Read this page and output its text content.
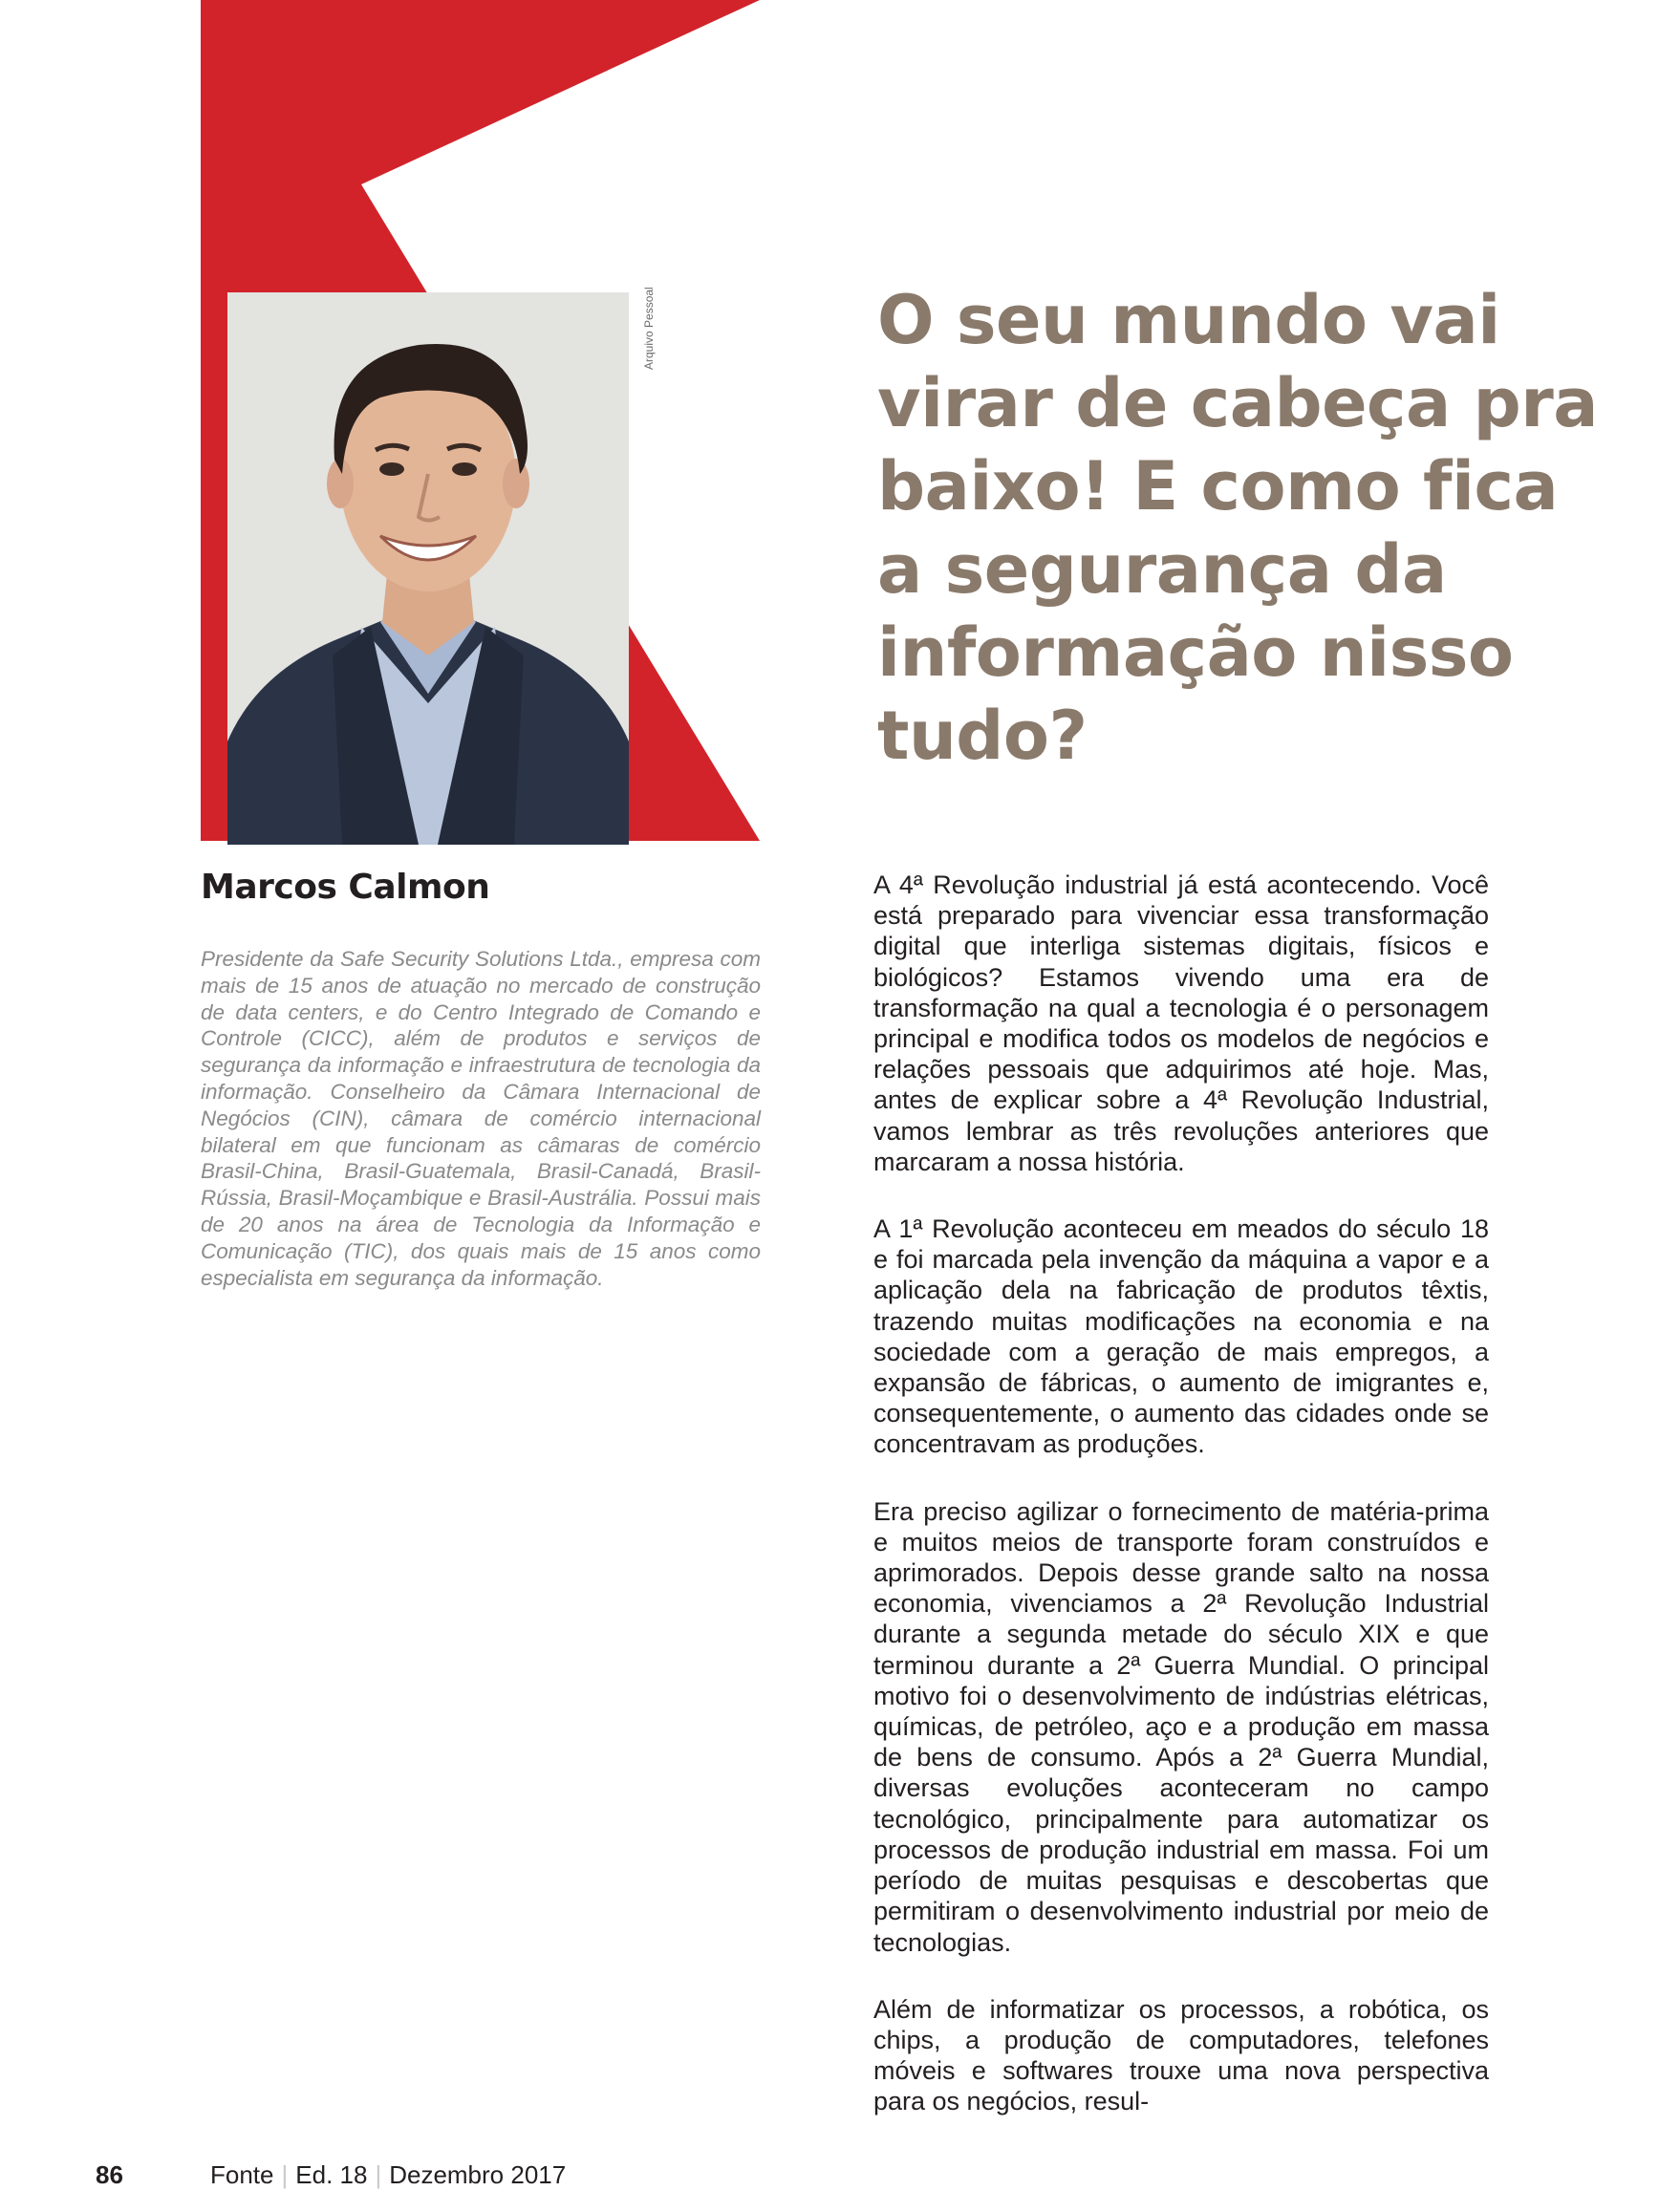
Arquivo Pessoal	O seu mundo vai virar de cabeça pra baixo! E como fica a segurança da informação nisso tudo?
Marcos Calmon

Presidente da Safe Security Solutions Ltda., empresa com mais de 15 anos de atuação no mercado de construção de data centers, e do Centro Integrado de Comando e Controle (CICC), além de produtos e serviços de segurança da informação e infraestrutura de tecnologia da informação. Conselheiro da Câmara Internacional de Negócios (CIN), câmara de comércio internacional bilateral em que funcionam as câmaras de comércio Brasil-China, Brasil-Guatemala, Brasil-Canadá, Brasil-Rússia, Brasil-Moçambique e Brasil-Austrália. Possui mais de 20 anos na área de Tecnologia da Informação e Comunicação (TIC), dos quais mais de 15 anos como especialista em segurança da informação.

A 4ª Revolução industrial já está acontecendo. Você está preparado para vivenciar essa transformação digital que interliga sistemas digitais, físicos e biológicos? Estamos vivendo uma era de transformação na qual a tecnologia é o personagem principal e modifica todos os modelos de negócios e relações pessoais que adquirimos até hoje. Mas, antes de explicar sobre a 4ª Revolução Industrial, vamos lembrar as três revoluções anteriores que marcaram a nossa história.

A 1ª Revolução aconteceu em meados do século 18 e foi marcada pela invenção da máquina a vapor e a aplicação dela na fabricação de produtos têxtis, trazendo muitas modificações na economia e na sociedade com a geração de mais empregos, a expansão de fábricas, o aumento de imigrantes e, consequentemente, o aumento das cidades onde se concentravam as produções.

Era preciso agilizar o fornecimento de matéria-prima e muitos meios de transporte foram construídos e aprimorados. Depois desse grande salto na nossa economia, vivenciamos a 2ª Revolução Industrial durante a segunda metade do século XIX e que terminou durante a 2ª Guerra Mundial. O principal motivo foi o desenvolvimento de indústrias elétricas, químicas, de petróleo, aço e a produção em massa de bens de consumo. Após a 2ª Guerra Mundial, diversas evoluções aconteceram no campo tecnológico, principalmente para automatizar os processos de produção industrial em massa. Foi um período de muitas pesquisas e descobertas que permitiram o desenvolvimento industrial por meio de tecnologias.

Além de informatizar os processos, a robótica, os chips, a produção de computadores, telefones móveis e softwares trouxe uma nova perspectiva para os negócios, resul-

86	Fonte | Ed. 18 | Dezembro 2017
